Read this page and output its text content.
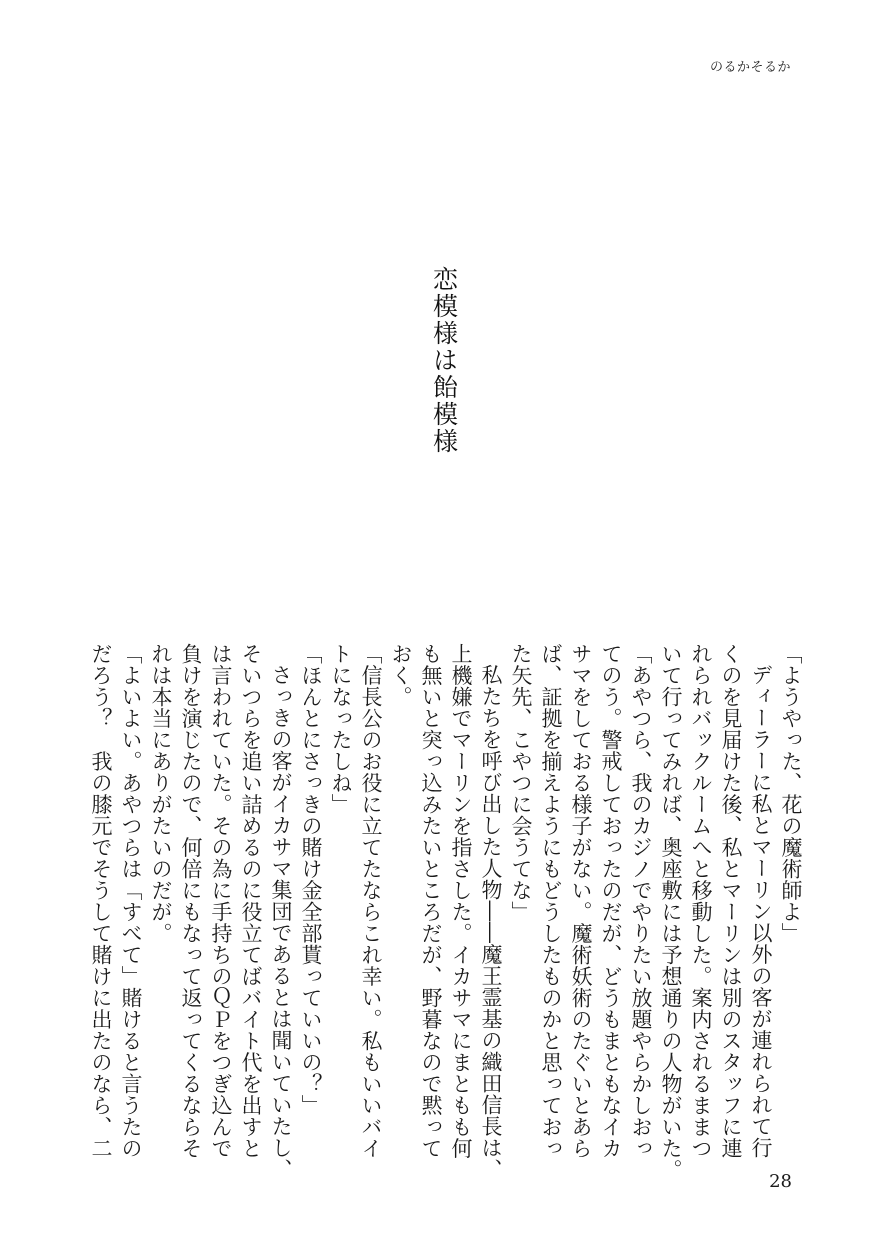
のるかそるか
恋模様は飴模様

「ようやった、花の魔術師よ」

ディーラーに私とマーリン以外の客が連れられて行

くのを見届けた後、私とマーリンは別のスタッフに連

れられバックルームへと移動した。案内されるままつ

いて行ってみれば、奥座敷には予想通りの人物がいた。

「あやつら、我のカジノでやりたい放題やらかしおっ

てのう。警戒しておったのだが、どうもまともなイカ

サマをしておる様子がない。魔術妖術のたぐいとあら

ば、証拠を揃えようにもどうしたものかと思っておっ

た矢先、こやつに会うてな」

私たちを呼び出した人物――魔王霊基の織田信長は、

上機嫌でマーリンを指さした。イカサマにまともも何

も無いと突っ込みたいところだが、野暮なので黙って

おく。

「信長公のお役に立てたならこれ幸い。私もいいバイ

トになったしね」

「ほんとにさっきの賭け金全部貰っていいの？」

さっきの客がイカサマ集団であるとは聞いていたし、

そいつらを追い詰めるのに役立てばバイト代を出すと

は言われていた。その為に手持ちのＱＰをつぎ込んで

負けを演じたので、何倍にもなって返ってくるならそ

れは本当にありがたいのだが。

「よいよい。あやつらは「すべて」賭けると言うたの

だろう？　我の膝元でそうして賭けに出たのなら、二

28
